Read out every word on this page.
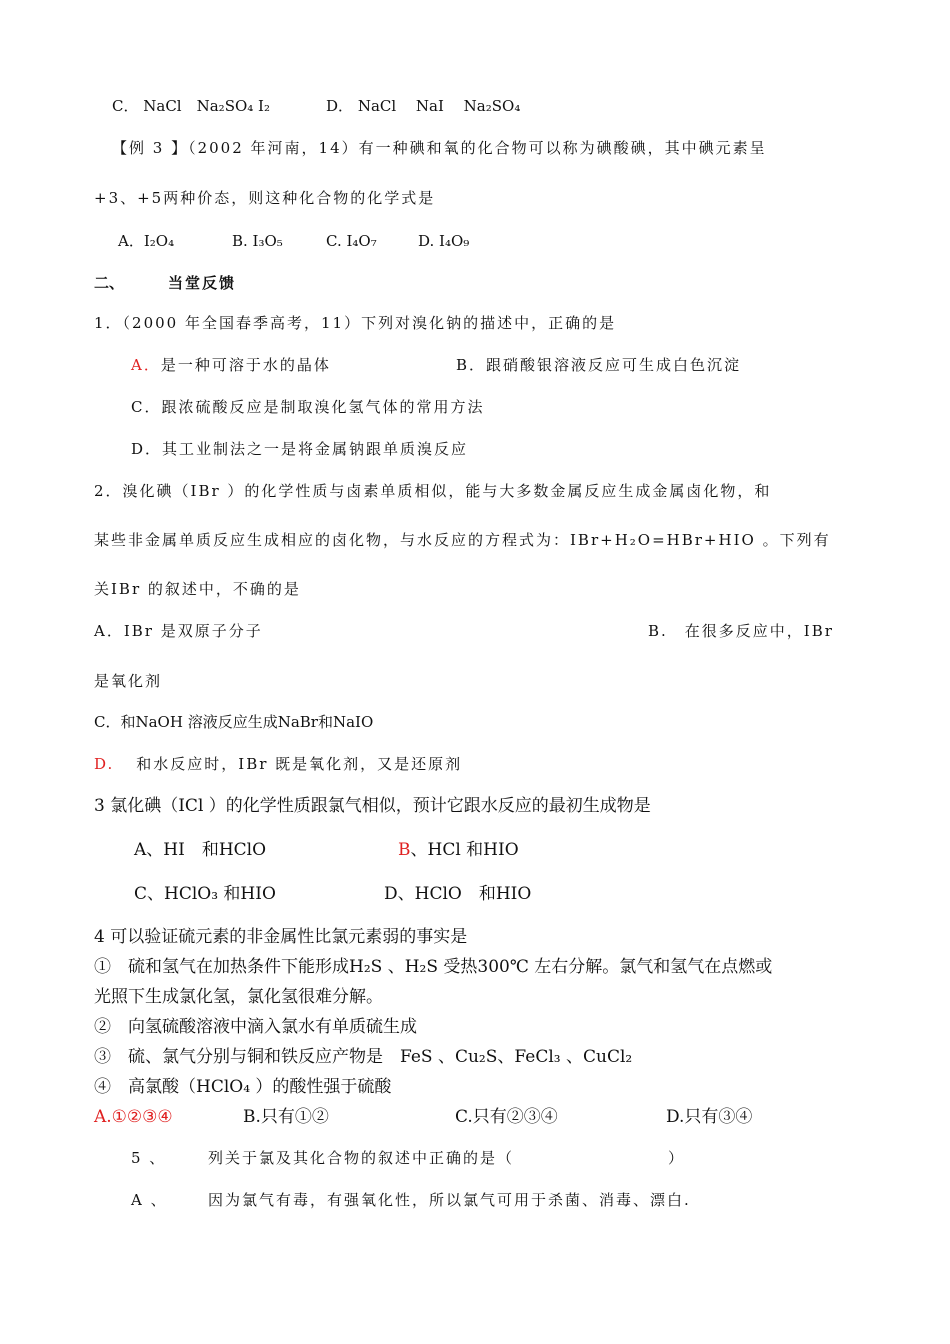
C． NaCl　Na₂SO₄ I₂	D． NaCl　 NaI　 Na₂SO₄
【例 3 】（2002 年河南，14）有一种碘和氧的化合物可以称为碘酸碘，其中碘元素呈
+3、+5两种价态，则这种化合物的化学式是
A．I₂O₄	B. I₃O₅	C. I₄O₇	D. I₄O₉
二、	当堂反馈
1．（2000 年全国春季高考，11）下列对溴化钠的描述中，正确的是
A．是一种可溶于水的晶体	B．跟硝酸银溶液反应可生成白色沉淀
C．跟浓硫酸反应是制取溴化氢气体的常用方法
D．其工业制法之一是将金属钠跟单质溴反应
2．溴化碘（IBr ）的化学性质与卤素单质相似，能与大多数金属反应生成金属卤化物，和
某些非金属单质反应生成相应的卤化物，与水反应的方程式为：IBr+H₂O=HBr+HIO 。下列有
关IBr 的叙述中，不确的是
A．IBr 是双原子分子	B.　在很多反应中，IBr
是氧化剂
C．和NaOH 溶液反应生成NaBr和NaIO
D. 和水反应时，IBr 既是氧化剂，又是还原剂
3 氯化碘（ICl ）的化学性质跟氯气相似，预计它跟水反应的最初生成物是
A、HI　和HClO	B、HCl 和HIO
C、HClO₃ 和HIO	D、HClO　和HIO
4 可以验证硫元素的非金属性比氯元素弱的事实是
①　硫和氢气在加热条件下能形成H₂S 、H₂S 受热300℃ 左右分解。氯气和氢气在点燃或
光照下生成氯化氢，氯化氢很难分解。
②　向氢硫酸溶液中滴入氯水有单质硫生成
③　硫、氯气分别与铜和铁反应产物是　FeS 、Cu₂S、FeCl₃ 、CuCl₂
④　高氯酸（HClO₄ ）的酸性强于硫酸
A.①②③④	B.只有①②	C.只有②③④	D.只有③④
5 、	列关于氯及其化合物的叙述中正确的是（	）
A 、	因为氯气有毒，有强氧化性，所以氯气可用于杀菌、消毒、漂白.
